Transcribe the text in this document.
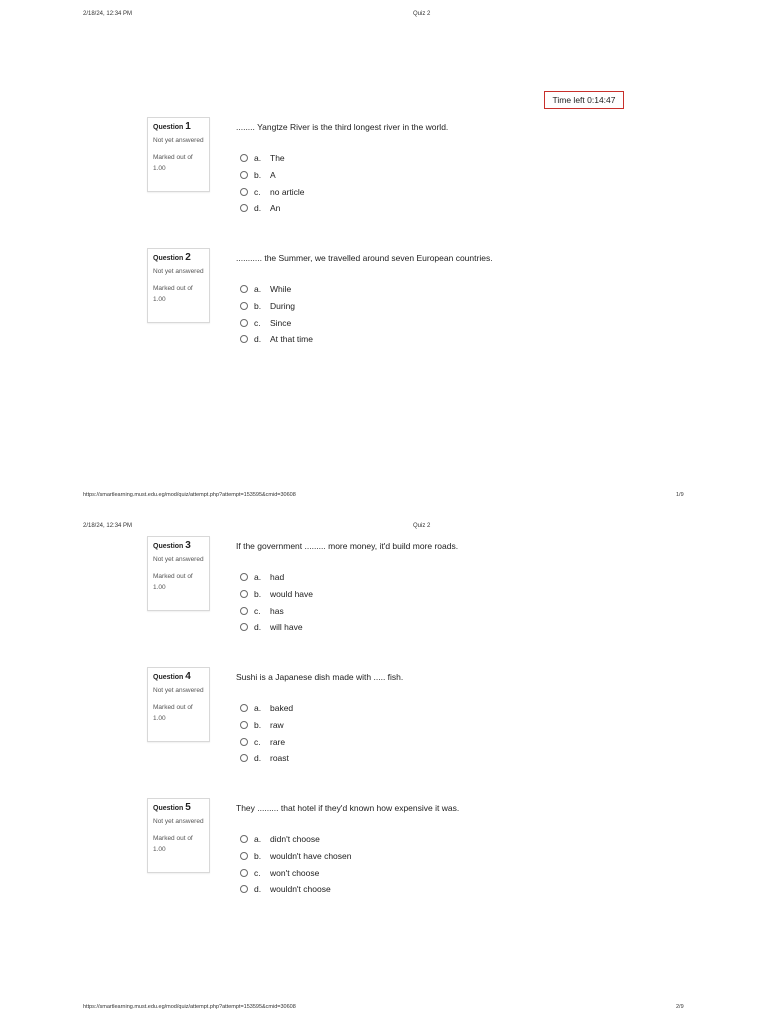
2/18/24, 12:34 PM	Quiz 2
Time left 0:14:47
Question 1
Not yet answered
Marked out of 1.00
........ Yangtze River is the third longest river in the world.
a.	The
b.	A
c.	no article
d.	An
Question 2
Not yet answered
Marked out of 1.00
........... the Summer, we travelled around seven European countries.
a.	While
b.	During
c.	Since
d.	At that time
https://smartlearning.must.edu.eg/mod/quiz/attempt.php?attempt=153595&cmid=30608	1/9
2/18/24, 12:34 PM	Quiz 2
Question 3
Not yet answered
Marked out of 1.00
If the government ......... more money, it'd build more roads.
a.	had
b.	would have
c.	has
d.	will have
Question 4
Not yet answered
Marked out of 1.00
Sushi is a Japanese dish made with ..... fish.
a.	baked
b.	raw
c.	rare
d.	roast
Question 5
Not yet answered
Marked out of 1.00
They ......... that hotel if they'd known how expensive it was.
a.	didn't choose
b.	wouldn't have chosen
c.	won't choose
d.	wouldn't choose
https://smartlearning.must.edu.eg/mod/quiz/attempt.php?attempt=153595&cmid=30608	2/9
